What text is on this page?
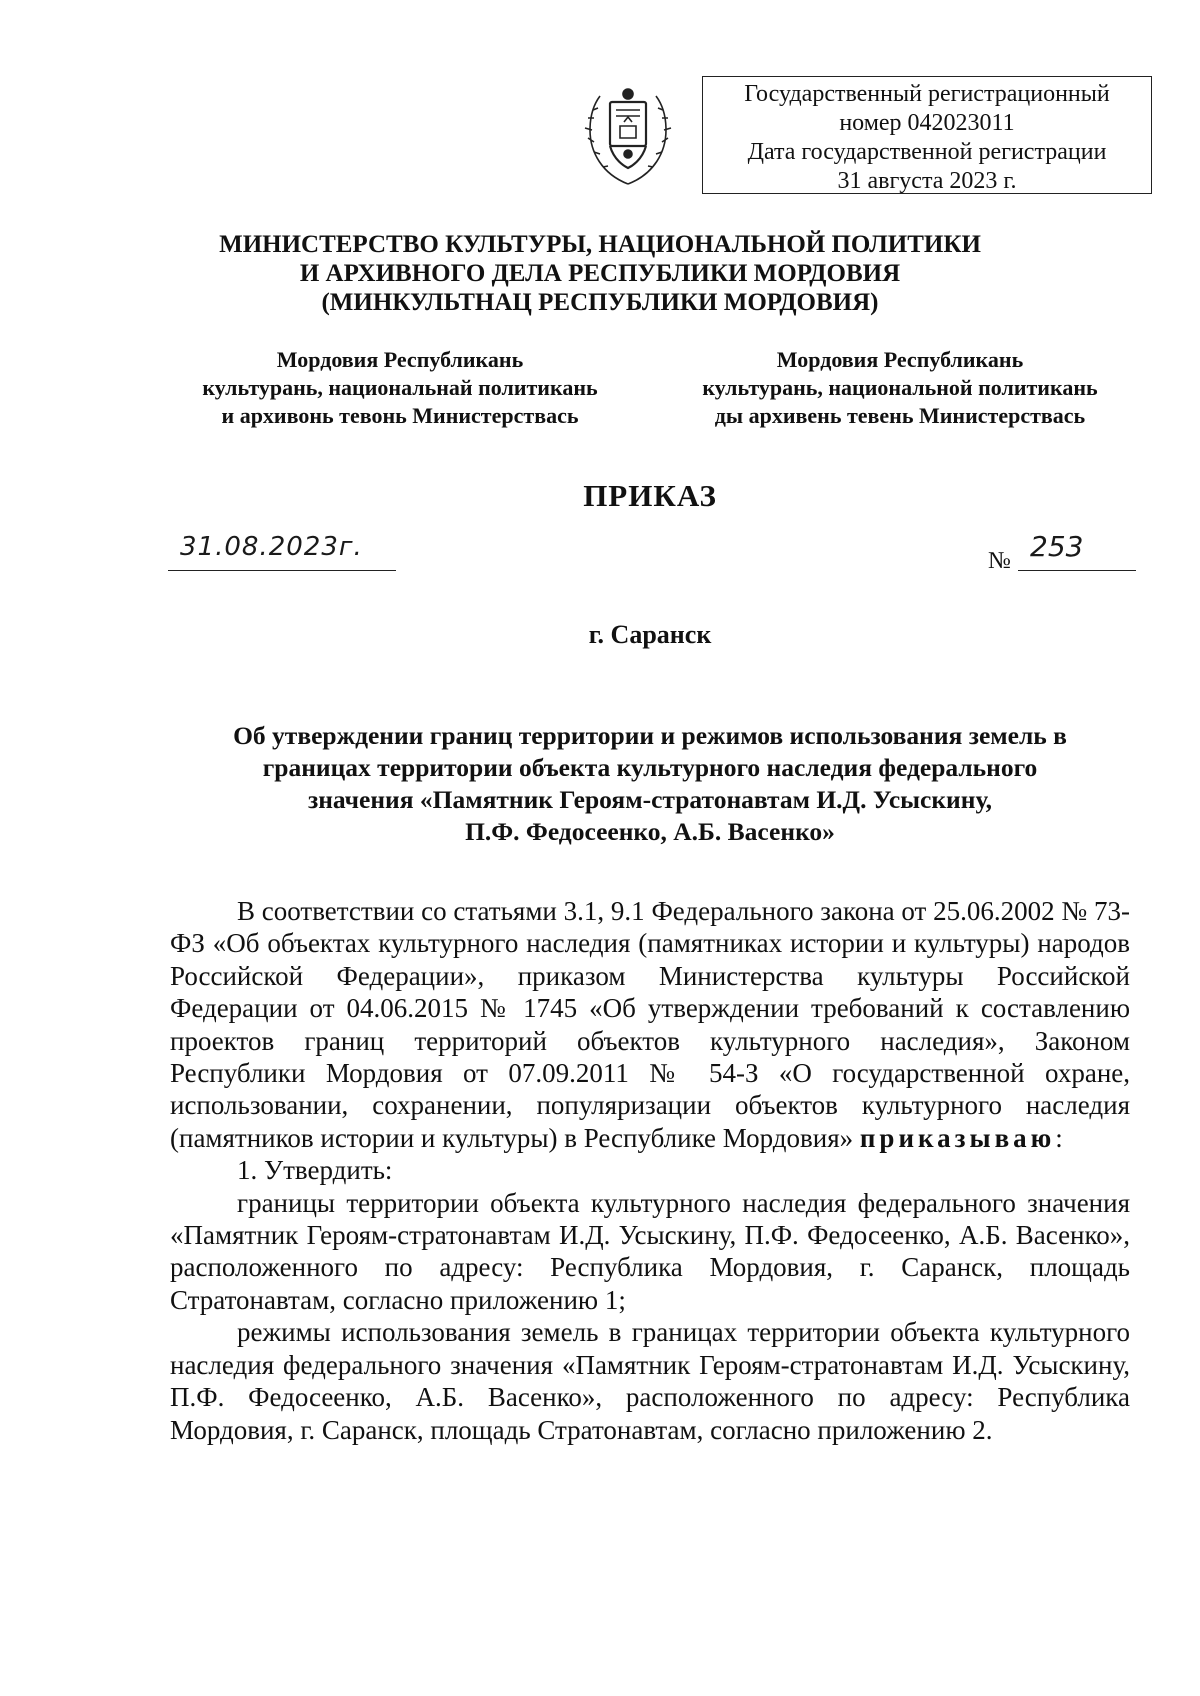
Государственный регистрационный
номер 042023011
Дата государственной регистрации
31 августа 2023 г.
МИНИСТЕРСТВО КУЛЬТУРЫ, НАЦИОНАЛЬНОЙ ПОЛИТИКИ
И АРХИВНОГО ДЕЛА РЕСПУБЛИКИ МОРДОВИЯ
(МИНКУЛЬТНАЦ РЕСПУБЛИКИ МОРДОВИЯ)
Мордовия Республикань
культурань, национальнай политикань
и архивонь тевонь Министерствась
Мордовия Республикань
культурань, национальной политикань
ды архивень тевень Министерствась
ПРИКАЗ
31.08.2023г.	№ 253
г. Саранск
Об утверждении границ территории и режимов использования земель в
границах территории объекта культурного наследия федерального
значения «Памятник Героям-стратонавтам И.Д. Усыскину,
П.Ф. Федосеенко, А.Б. Васенко»

В соответствии со статьями 3.1, 9.1 Федерального закона от 25.06.2002 № 73-ФЗ «Об объектах культурного наследия (памятниках истории и культуры) народов Российской Федерации», приказом Министерства культуры Российской Федерации от 04.06.2015 № 1745 «Об утверждении требований к составлению проектов границ территорий объектов культурного наследия», Законом Республики Мордовия от 07.09.2011 № 54-З «О государственной охране, использовании, сохранении, популяризации объектов культурного наследия (памятников истории и культуры) в Республике Мордовия» приказываю:

1. Утвердить:

границы территории объекта культурного наследия федерального значения «Памятник Героям-стратонавтам И.Д. Усыскину, П.Ф. Федосеенко, А.Б. Васенко», расположенного по адресу: Республика Мордовия, г. Саранск, площадь Стратонавтам, согласно приложению 1;

режимы использования земель в границах территории объекта культурного наследия федерального значения «Памятник Героям-стратонавтам И.Д. Усыскину, П.Ф. Федосеенко, А.Б. Васенко», расположенного по адресу: Республика Мордовия, г. Саранск, площадь Стратонавтам, согласно приложению 2.
